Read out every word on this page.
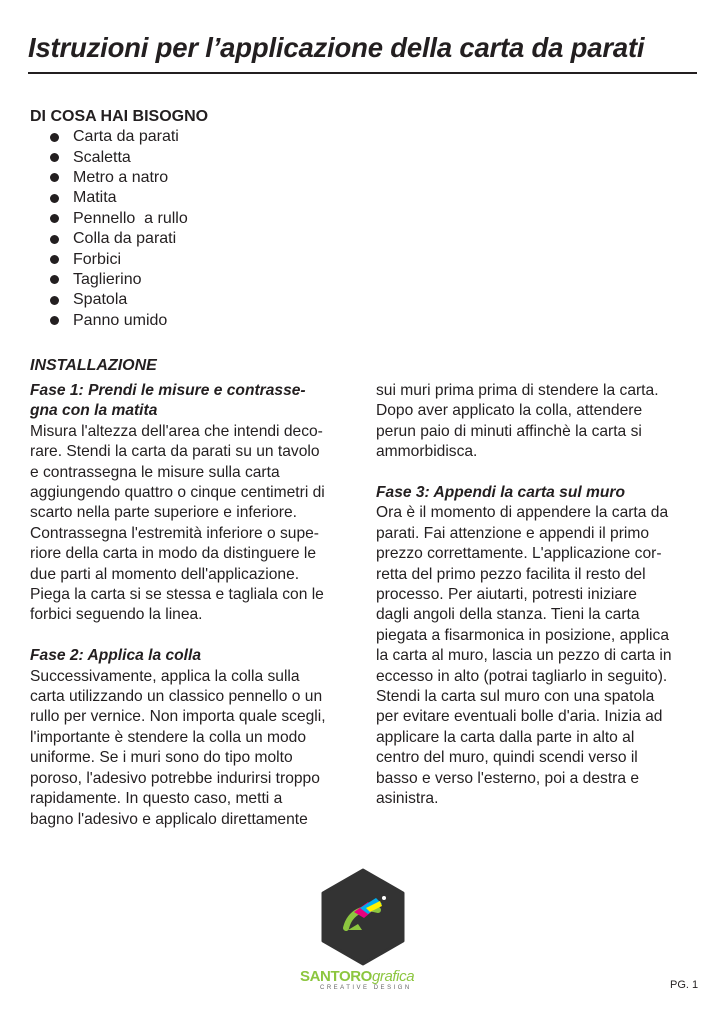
Istruzioni per l’applicazione della carta da parati
DI COSA HAI BISOGNO
Carta da parati
Scaletta
Metro a natro
Matita
Pennello  a rullo
Colla da parati
Forbici
Taglierino
Spatola
Panno umido
INSTALLAZIONE

Fase 1: Prendi le misure e contrasse-

gna con la matita

Misura l'altezza dell'area che intendi deco-

rare. Stendi la carta da parati su un tavolo

e contrassegna le misure sulla carta

aggiungendo quattro o cinque centimetri di

scarto nella parte superiore e inferiore.

Contrassegna l'estremità inferiore o supe-

riore della carta in modo da distinguere le

due parti al momento dell'applicazione.

Piega la carta si se stessa e tagliala con le

forbici seguendo la linea.

Fase 2: Applica la colla

Successivamente, applica la colla sulla

carta utilizzando un classico pennello o un

rullo per vernice. Non importa quale scegli,

l'importante è stendere la colla un modo

uniforme. Se i muri sono do tipo molto

poroso, l'adesivo potrebbe indurirsi troppo

rapidamente. In questo caso, metti a

bagno l'adesivo e applicalo direttamente

sui muri prima prima di stendere la carta.

Dopo aver applicato la colla, attendere

perun paio di minuti affinchè la carta si

ammorbidisca.

Fase 3: Appendi la carta sul muro

Ora è il momento di appendere la carta da

parati. Fai attenzione e appendi il primo

prezzo correttamente. L'applicazione cor-

retta del primo pezzo facilita il resto del

processo. Per aiutarti, potresti iniziare

dagli angoli della stanza. Tieni la carta

piegata a fisarmonica in posizione, applica

la carta al muro, lascia un pezzo di carta in

eccesso in alto (potrai tagliarlo in seguito).

Stendi la carta sul muro con una spatola

per evitare eventuali bolle d'aria. Inizia ad

applicare la carta dalla parte in alto al

centro del muro, quindi scendi verso il

basso e verso l'esterno, poi a destra e

asinistra.

SANTOROgrafica
CREATIVE DESIGN	PG. 1
